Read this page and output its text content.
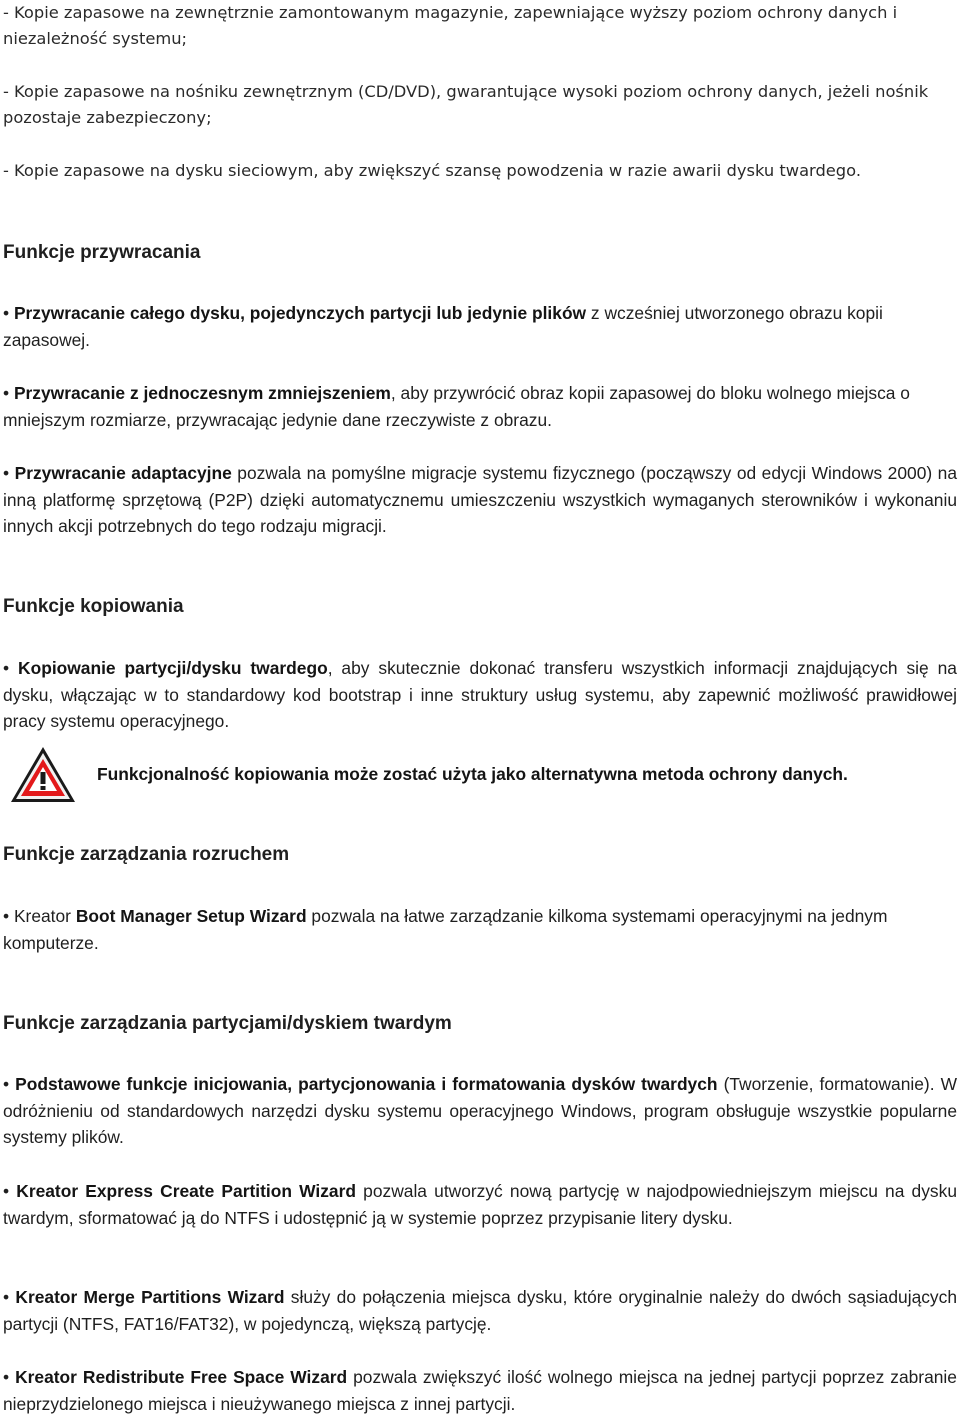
- Kopie zapasowe na zewnętrznie zamontowanym magazynie, zapewniające wyższy poziom ochrony danych i niezależność systemu;
- Kopie zapasowe na nośniku zewnętrznym (CD/DVD), gwarantujące wysoki poziom ochrony danych, jeżeli nośnik pozostaje zabezpieczony;
- Kopie zapasowe na dysku sieciowym, aby zwiększyć szansę powodzenia w razie awarii dysku twardego.
Funkcje przywracania
• Przywracanie całego dysku, pojedynczych partycji lub jedynie plików z wcześniej utworzonego obrazu kopii zapasowej.
• Przywracanie z jednoczesnym zmniejszeniem, aby przywrócić obraz kopii zapasowej do bloku wolnego miejsca o mniejszym rozmiarze, przywracając jedynie dane rzeczywiste z obrazu.
• Przywracanie adaptacyjne pozwala na pomyślne migracje systemu fizycznego (począwszy od edycji Windows 2000) na inną platformę sprzętową (P2P) dzięki automatycznemu umieszczeniu wszystkich wymaganych sterowników i wykonaniu innych akcji potrzebnych do tego rodzaju migracji.
Funkcje kopiowania
• Kopiowanie partycji/dysku twardego, aby skutecznie dokonać transferu wszystkich informacji znajdujących się na dysku, włączając w to standardowy kod bootstrap i inne struktury usług systemu, aby zapewnić możliwość prawidłowej pracy systemu operacyjnego.
Funkcjonalność kopiowania może zostać użyta jako alternatywna metoda ochrony danych.
Funkcje zarządzania rozruchem
• Kreator Boot Manager Setup Wizard pozwala na łatwe zarządzanie kilkoma systemami operacyjnymi na jednym komputerze.
Funkcje zarządzania partycjami/dyskiem twardym
• Podstawowe funkcje inicjowania, partycjonowania i formatowania dysków twardych (Tworzenie, formatowanie). W odróżnieniu od standardowych narzędzi dysku systemu operacyjnego Windows, program obsługuje wszystkie popularne systemy plików.
• Kreator Express Create Partition Wizard pozwala utworzyć nową partycję w najodpowiedniejszym miejscu na dysku twardym, sformatować ją do NTFS i udostępnić ją w systemie poprzez przypisanie litery dysku.
• Kreator Merge Partitions Wizard służy do połączenia miejsca dysku, które oryginalnie należy do dwóch sąsiadujących partycji (NTFS, FAT16/FAT32), w pojedynczą, większą partycję.
• Kreator Redistribute Free Space Wizard pozwala zwiększyć ilość wolnego miejsca na jednej partycji poprzez zabranie nieprzydzielonego miejsca i nieużywanego miejsca z innej partycji.
